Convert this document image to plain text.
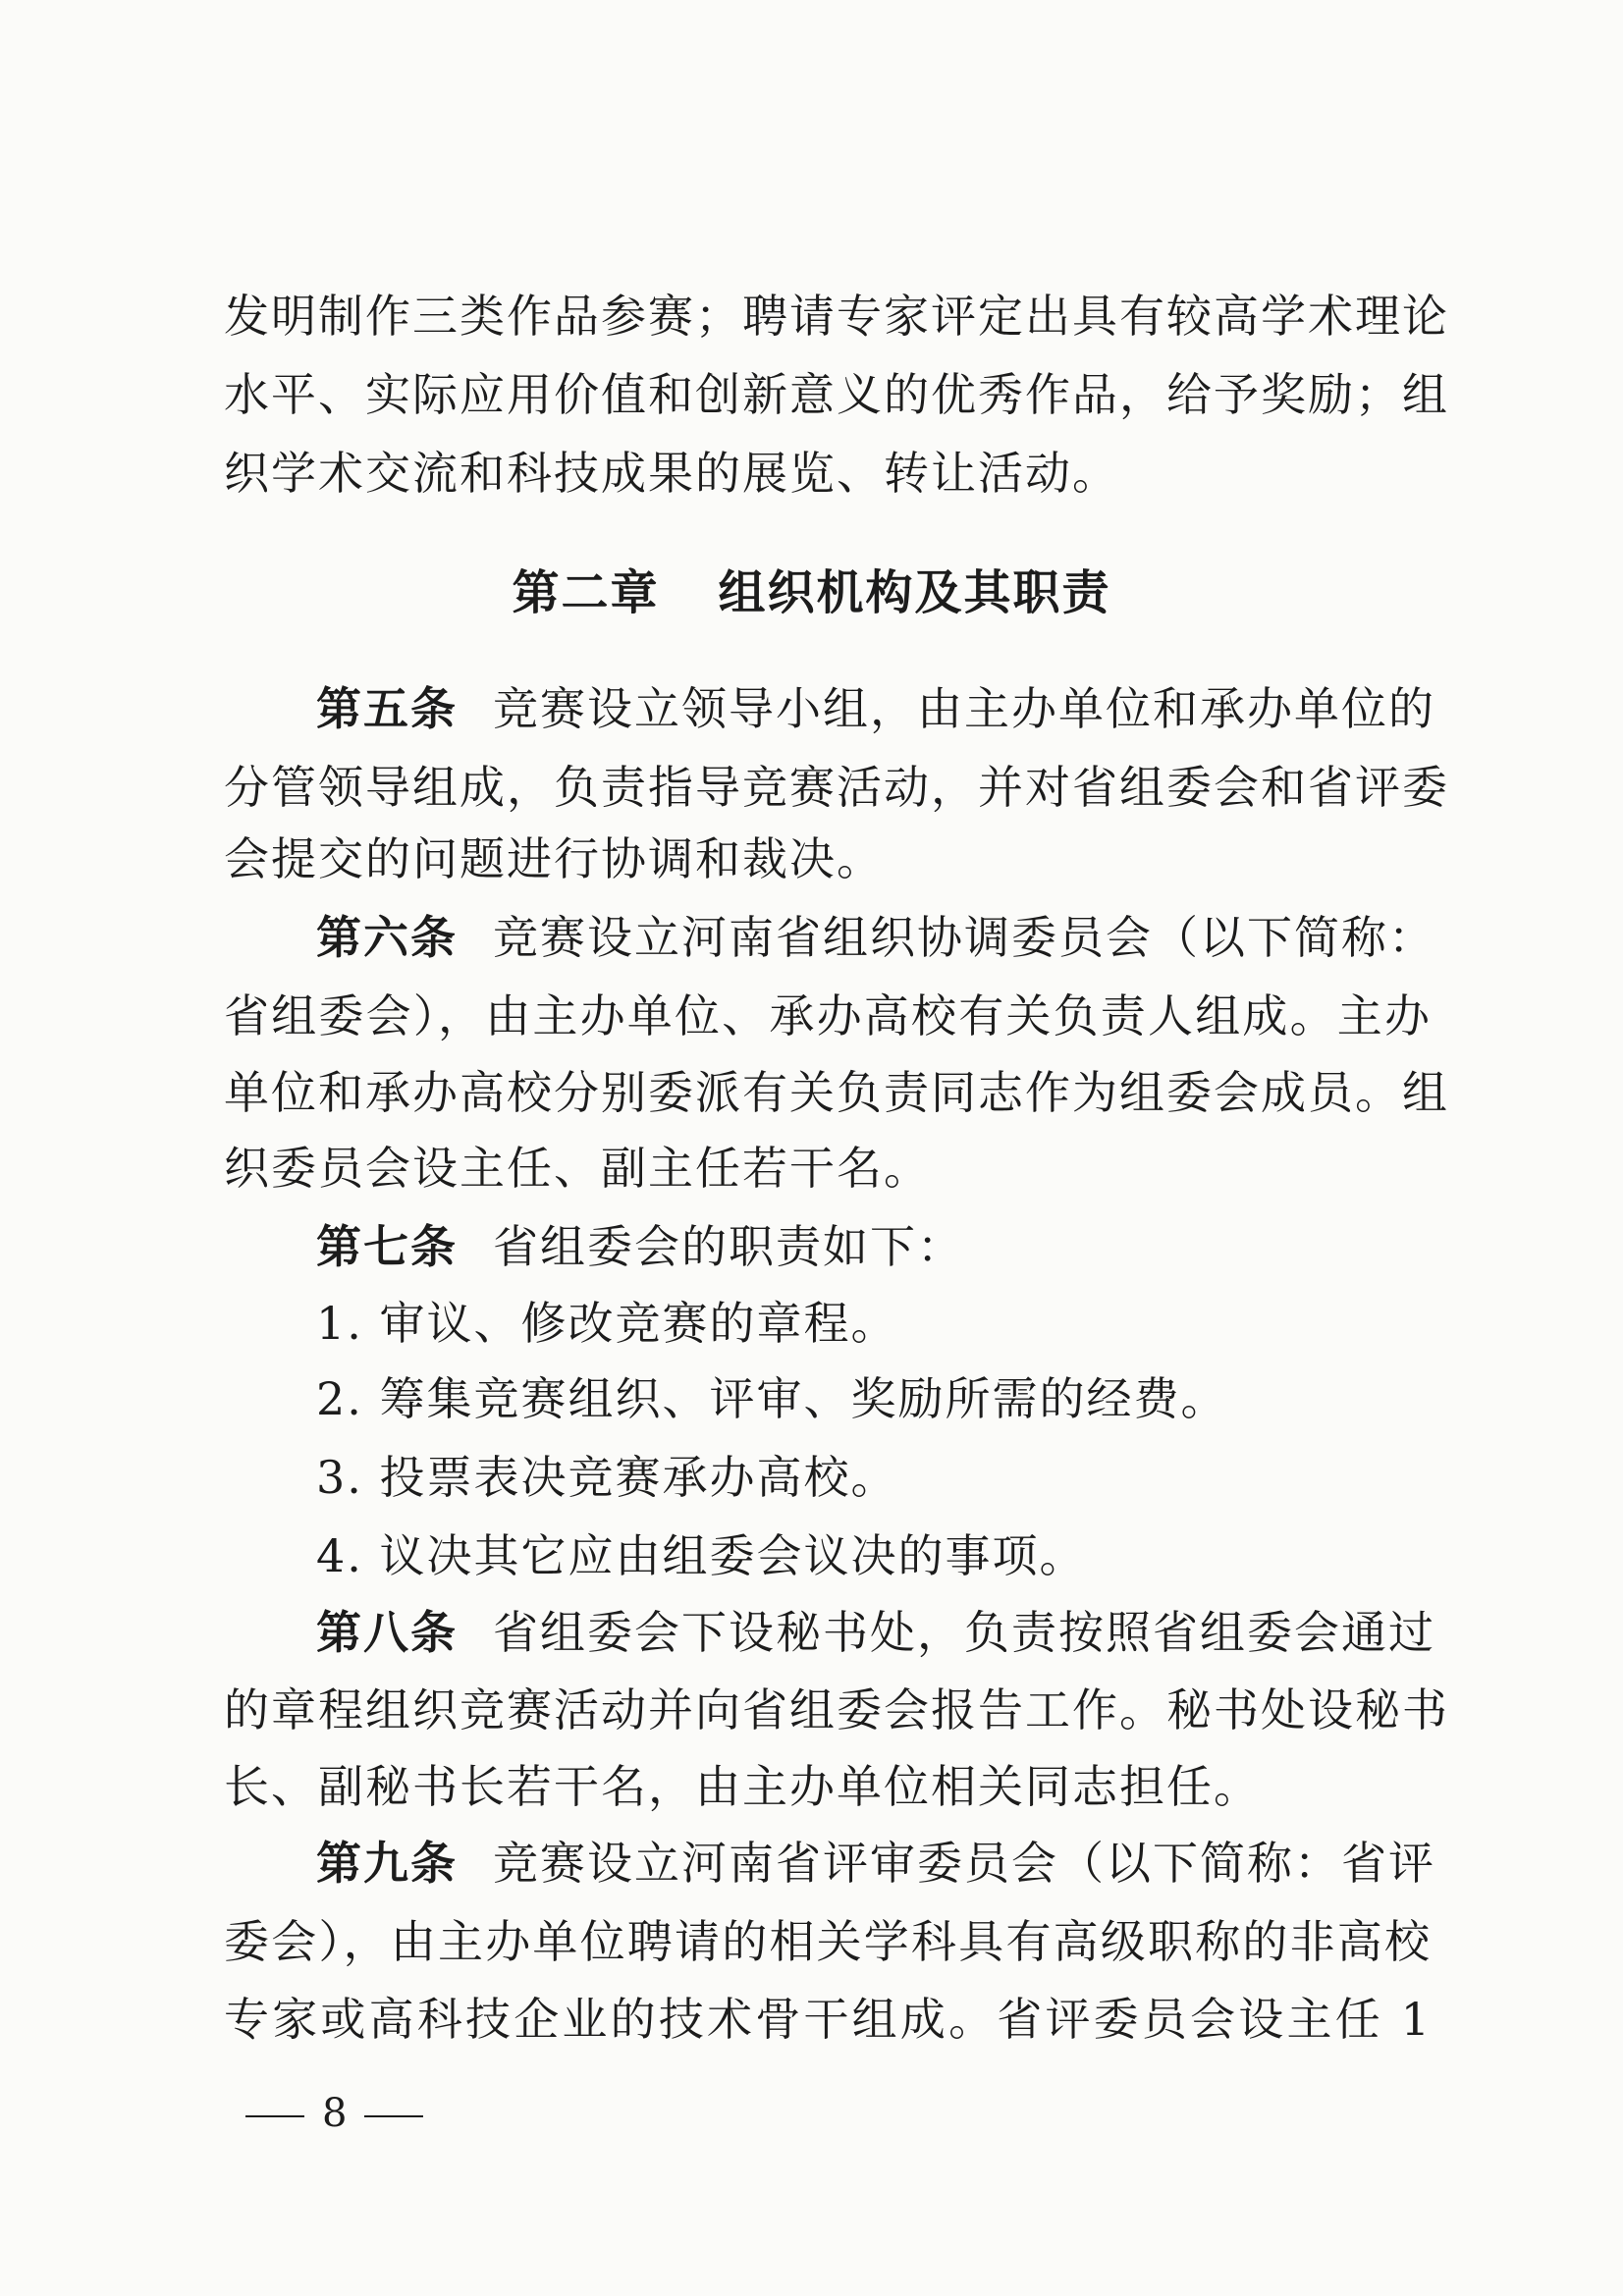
发明制作三类作品参赛；聘请专家评定出具有较高学术理论
水平、实际应用价值和创新意义的优秀作品，给予奖励；组
织学术交流和科技成果的展览、转让活动。
第二章 组织机构及其职责
第五条 竞赛设立领导小组，由主办单位和承办单位的
分管领导组成，负责指导竞赛活动，并对省组委会和省评委
会提交的问题进行协调和裁决。
第六条 竞赛设立河南省组织协调委员会（以下简称：
省组委会），由主办单位、承办高校有关负责人组成。主办
单位和承办高校分别委派有关负责同志作为组委会成员。组
织委员会设主任、副主任若干名。
第七条 省组委会的职责如下：
1. 审议、修改竞赛的章程。
2. 筹集竞赛组织、评审、奖励所需的经费。
3. 投票表决竞赛承办高校。
4. 议决其它应由组委会议决的事项。
第八条 省组委会下设秘书处，负责按照省组委会通过
的章程组织竞赛活动并向省组委会报告工作。秘书处设秘书
长、副秘书长若干名，由主办单位相关同志担任。
第九条 竞赛设立河南省评审委员会（以下简称：省评
委会），由主办单位聘请的相关学科具有高级职称的非高校
专家或高科技企业的技术骨干组成。省评委员会设主任 1
8
